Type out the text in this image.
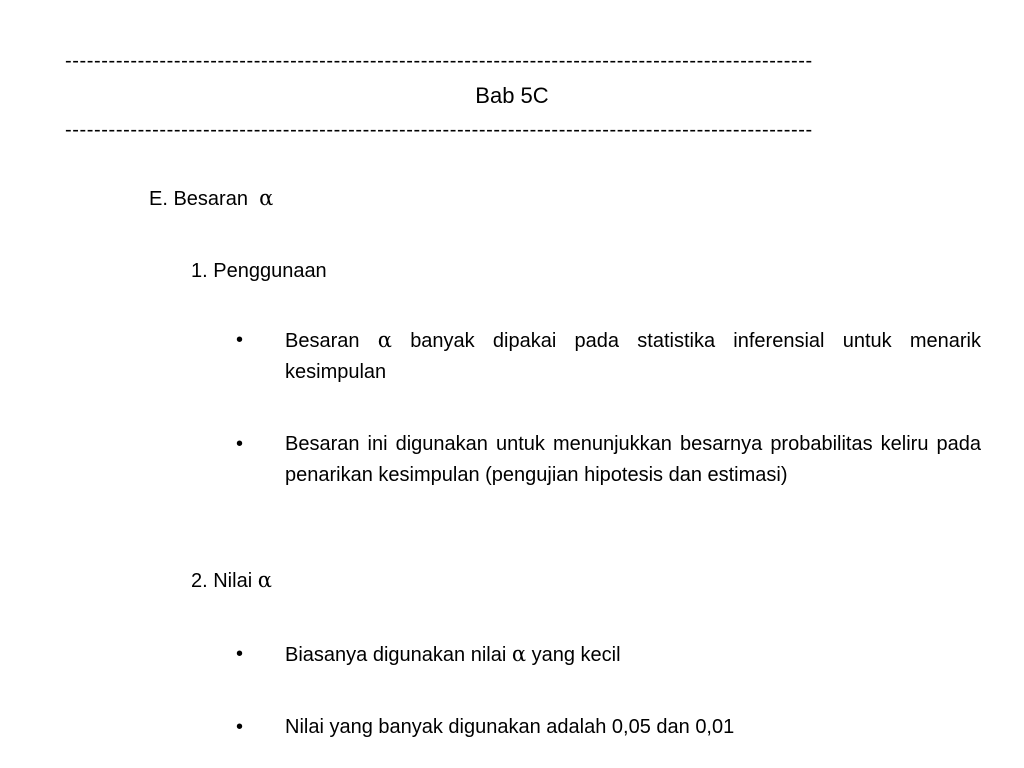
-------------------------------------------------------------------------------------------------------
Bab 5C
-------------------------------------------------------------------------------------------------------
E. Besaran α
1. Penggunaan
•	Besaran α banyak dipakai pada statistika inferensial untuk menarik kesimpulan
•	Besaran ini digunakan untuk menunjukkan besarnya probabilitas keliru pada penarikan kesimpulan (pengujian hipotesis dan estimasi)
2. Nilai α
•	Biasanya digunakan nilai α yang kecil
•	Nilai yang banyak digunakan adalah 0,05 dan 0,01
